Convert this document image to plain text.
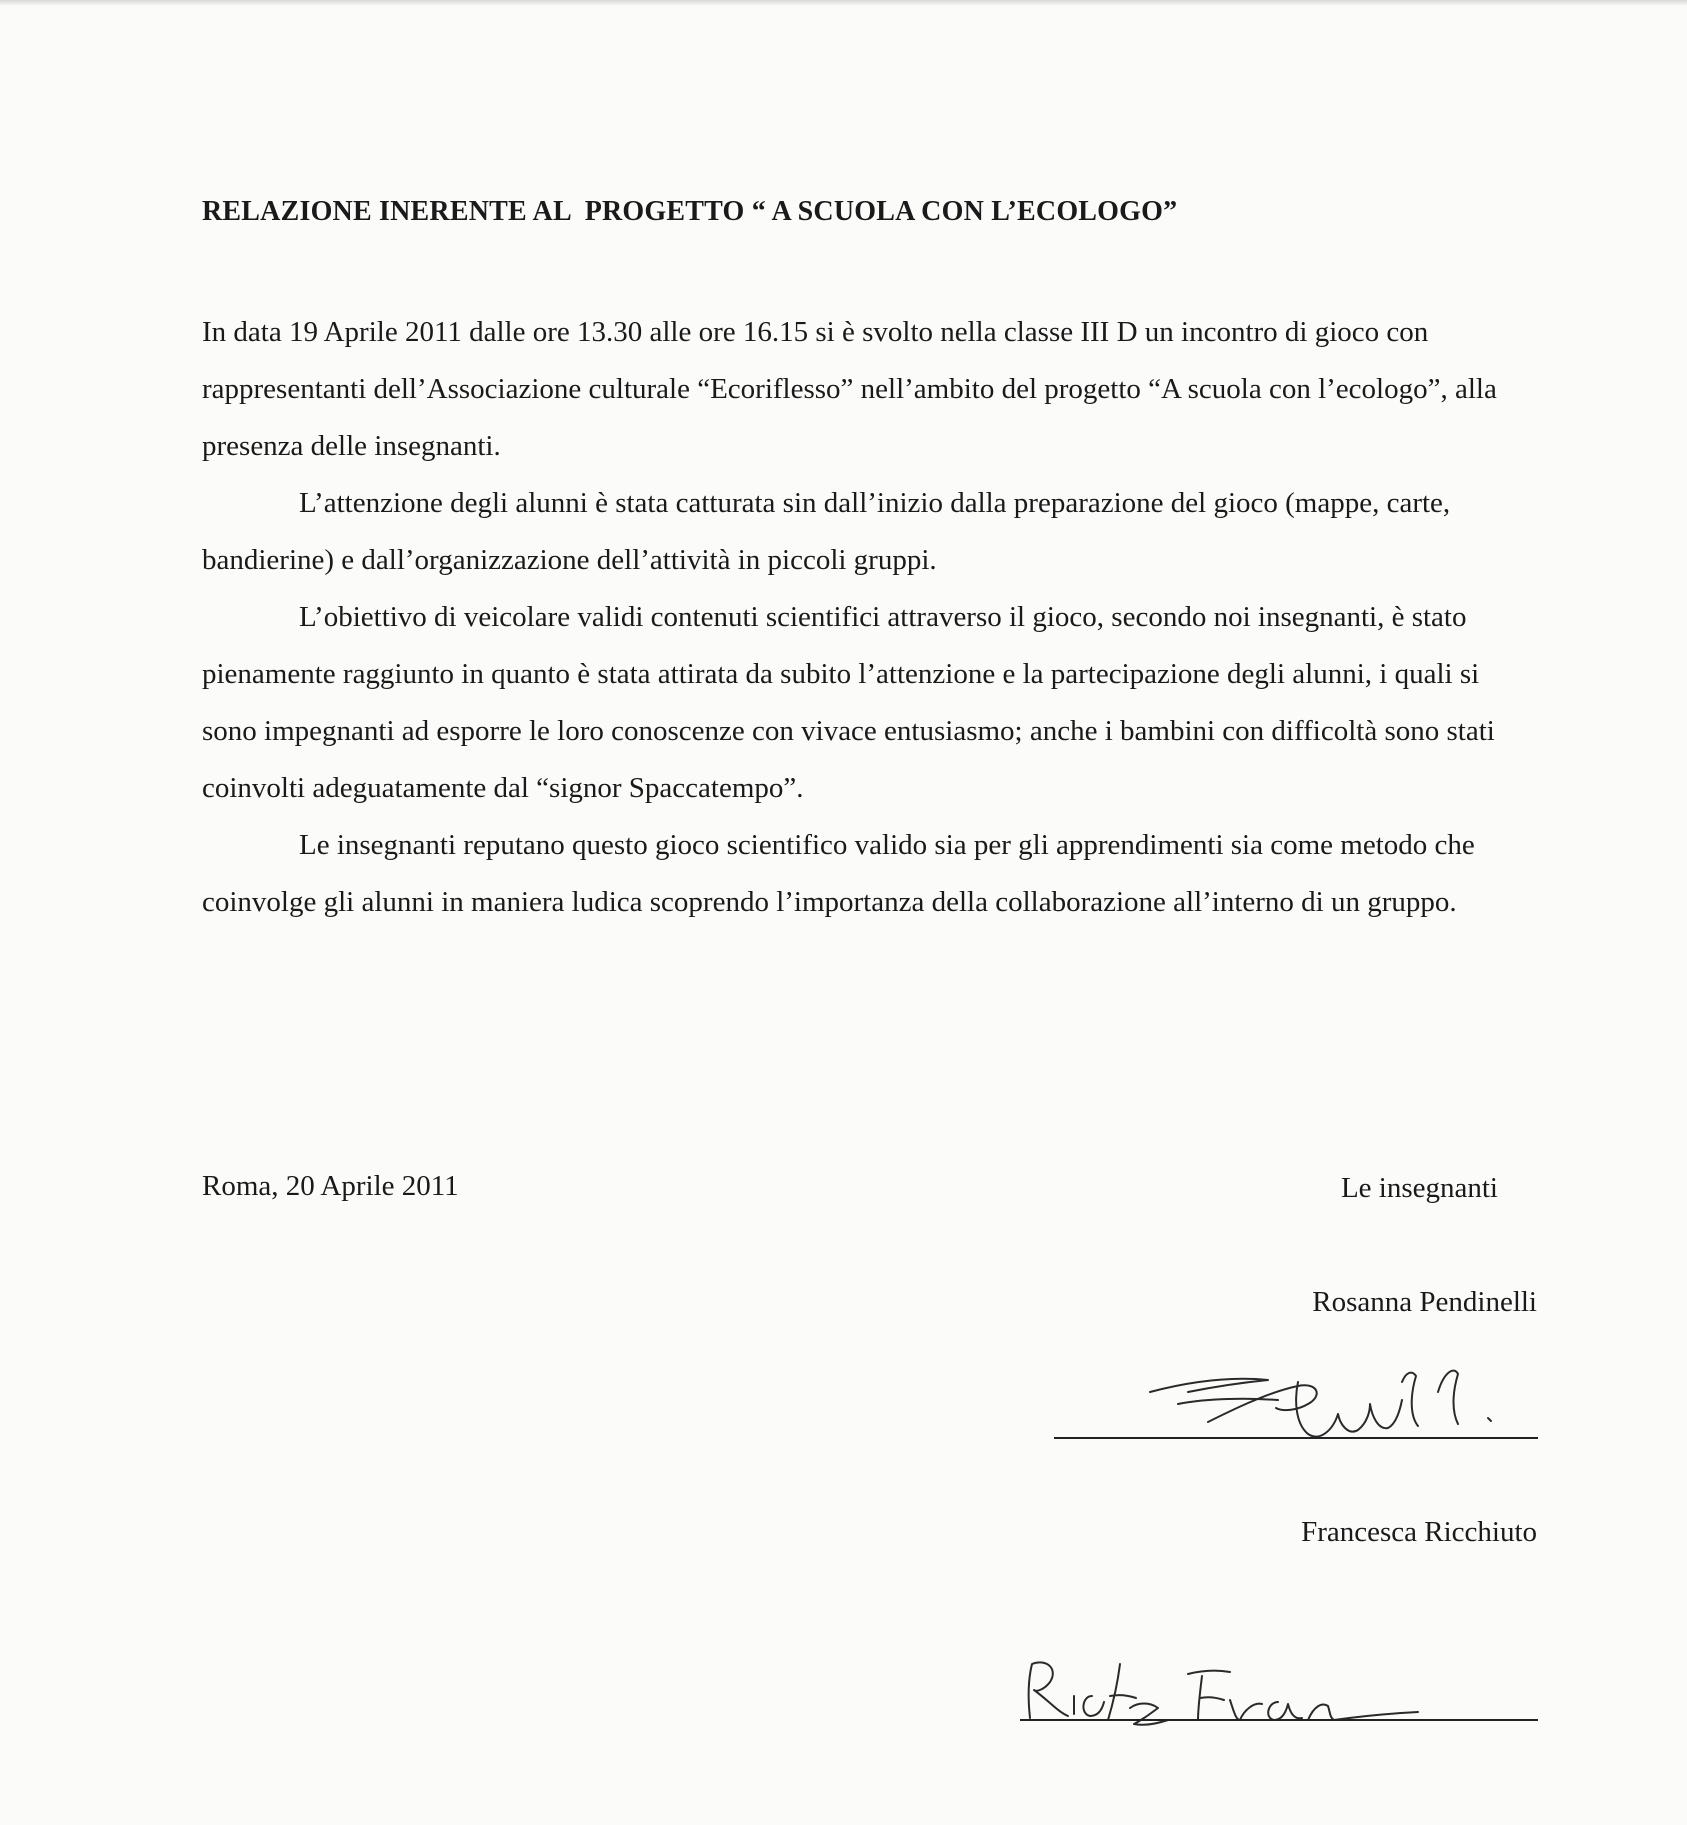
RELAZIONE INERENTE AL  PROGETTO “ A SCUOLA CON L’ECOLOGO”

In data 19 Aprile 2011 dalle ore 13.30 alle ore 16.15 si è svolto nella classe III D un incontro di gioco con rappresentanti dell’Associazione culturale “Ecoriflesso” nell’ambito del progetto “A scuola con l’ecologo”, alla presenza delle insegnanti.

L’attenzione degli alunni è stata catturata sin dall’inizio dalla preparazione del gioco (mappe, carte, bandierine) e dall’organizzazione dell’attività in piccoli gruppi.

L’obiettivo di veicolare validi contenuti scientifici attraverso il gioco, secondo noi insegnanti, è stato pienamente raggiunto in quanto è stata attirata da subito l’attenzione e la partecipazione degli alunni, i quali si sono impegnanti ad esporre le loro conoscenze con vivace entusiasmo; anche i bambini con difficoltà sono stati coinvolti adeguatamente dal “signor Spaccatempo”.

Le insegnanti reputano questo gioco scientifico valido sia per gli apprendimenti sia come metodo che coinvolge gli alunni in maniera ludica scoprendo l’importanza della collaborazione all’interno di un gruppo.

Roma, 20 Aprile 2011	Le insegnanti
Rosanna Pendinelli
Francesca Ricchiuto
